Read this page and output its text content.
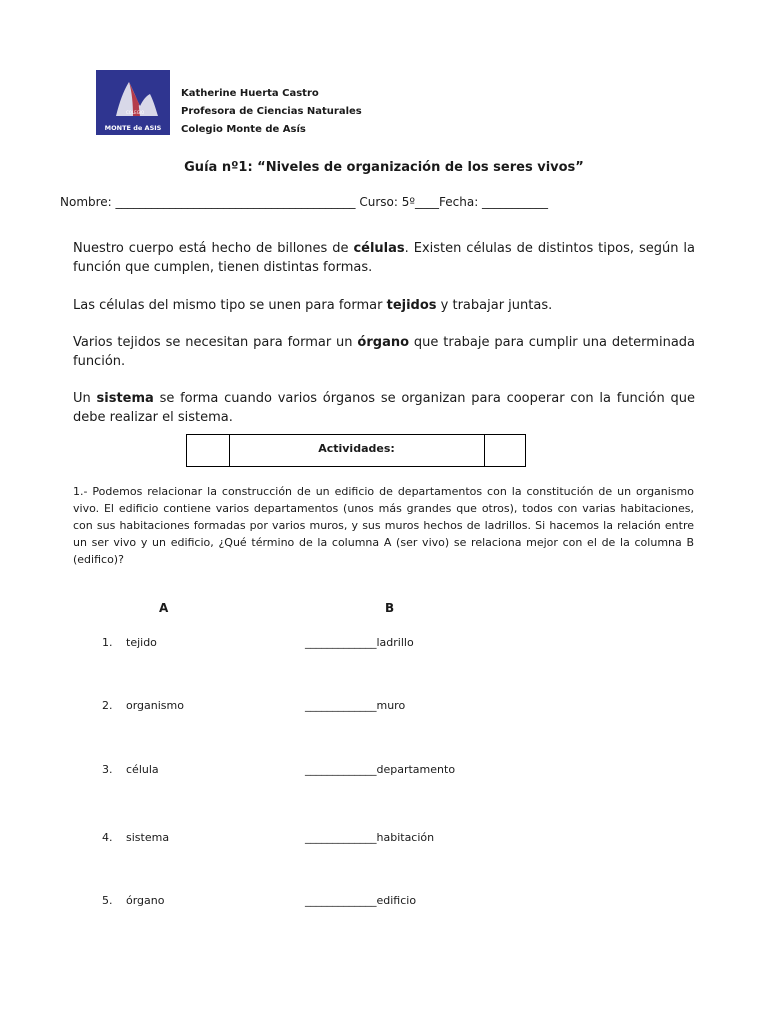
COLEGIO
MONTE de ASIS
Katherine Huerta Castro
Profesora de Ciencias Naturales
Colegio Monte de Asís
Guía nº1: “Niveles de organización de los seres vivos”
Nombre: ________________________________________ Curso: 5º____Fecha: ___________
Nuestro cuerpo está hecho de billones de células. Existen células de distintos tipos, según la función que cumplen, tienen distintas formas.
Las células del mismo tipo se unen para formar tejidos y trabajar juntas.
Varios tejidos se necesitan para formar un órgano que trabaje para cumplir una determinada función.
Un sistema se forma cuando varios órganos se organizan para cooperar con la función que debe realizar el sistema.
Actividades:
1.- Podemos relacionar la construcción de un edificio de departamentos con la constitución de un organismo vivo. El edificio contiene varios departamentos (unos más grandes que otros), todos con varias habitaciones, con sus habitaciones formadas por varios muros, y sus muros hechos de ladrillos. Si hacemos la relación entre un ser vivo y un edificio, ¿Qué término de la columna A (ser vivo) se relaciona mejor con el de la columna B (edifico)?
A	B
1. tejido	_____________ladrillo
2. organismo	_____________muro
3. célula	_____________departamento
4. sistema	_____________habitación
5. órgano	_____________edificio
